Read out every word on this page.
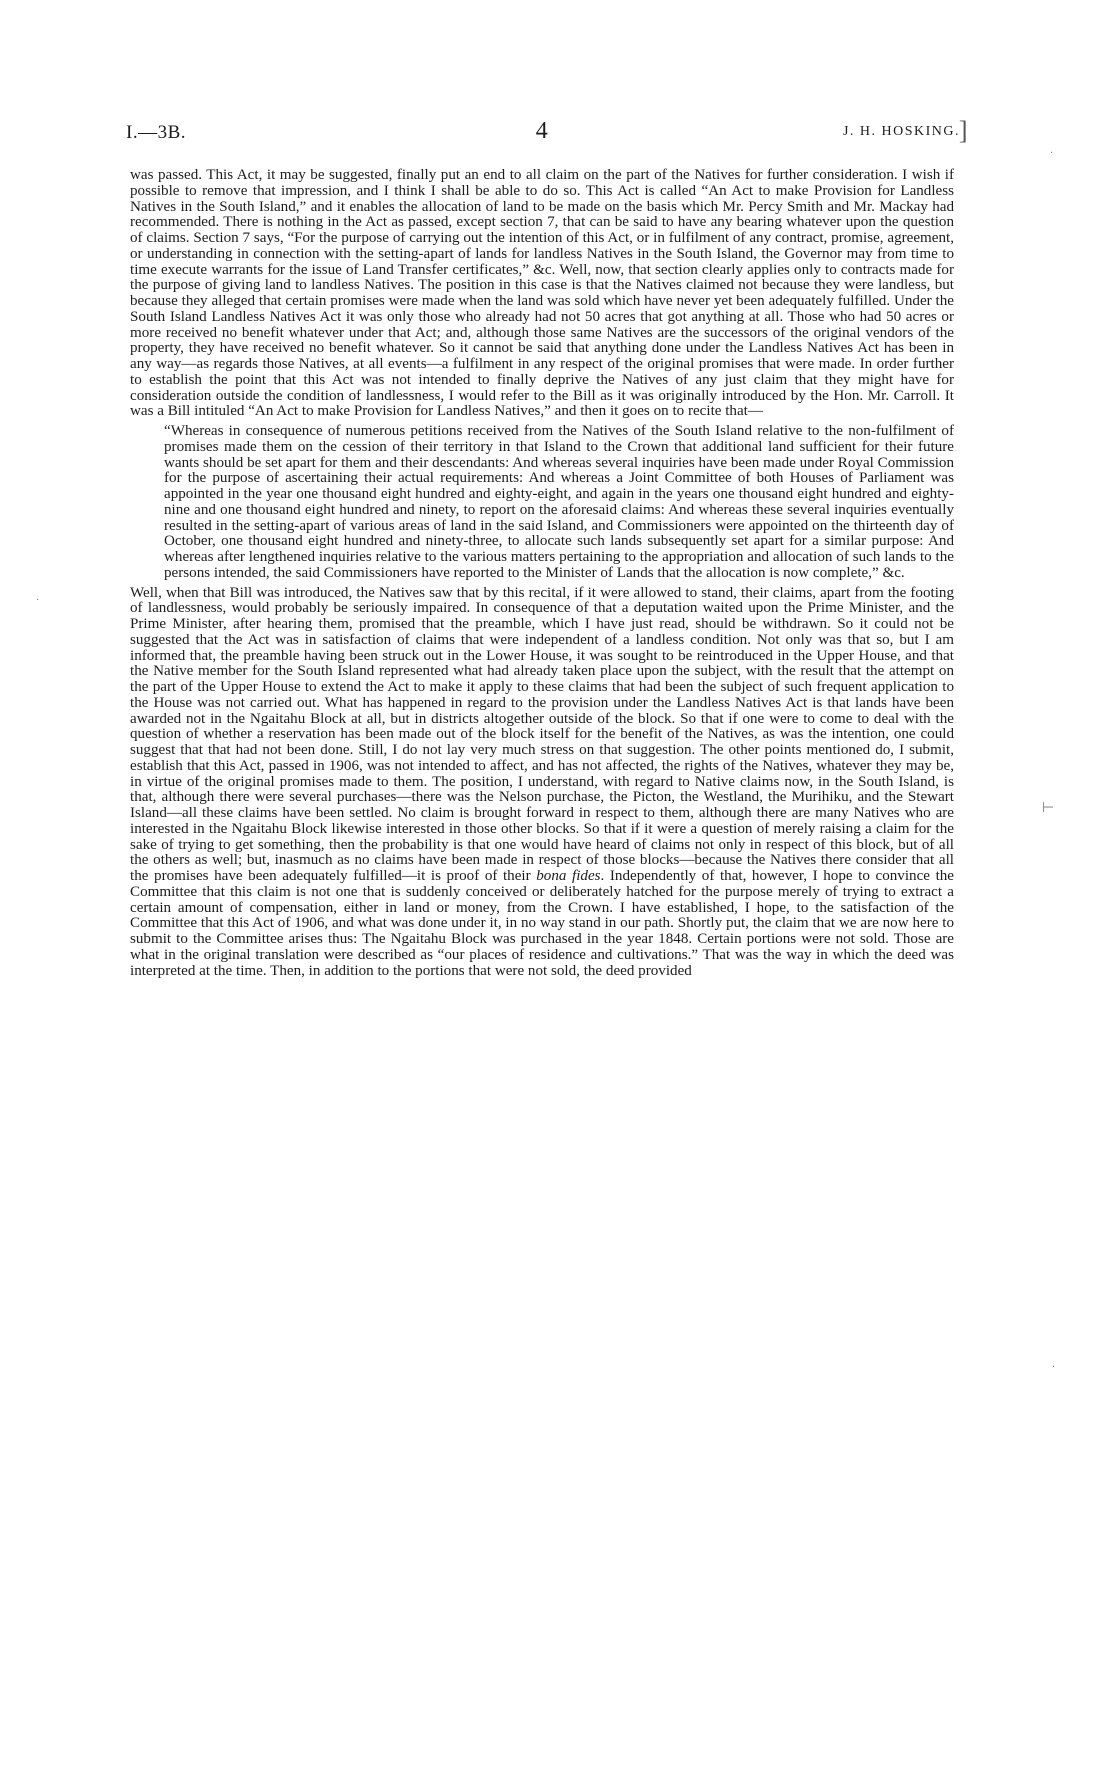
·
·
⊢
·
I.—3B.	4	J. H. HOSKING.
]

was passed. This Act, it may be suggested, finally put an end to all claim on the part of the Natives for further consideration. I wish if possible to remove that impression, and I think I shall be able to do so. This Act is called “An Act to make Provision for Landless Natives in the South Island,” and it enables the allocation of land to be made on the basis which Mr. Percy Smith and Mr. Mackay had recommended. There is nothing in the Act as passed, except section 7, that can be said to have any bearing whatever upon the question of claims. Section 7 says, “For the purpose of carrying out the intention of this Act, or in fulfilment of any contract, promise, agreement, or understanding in connection with the setting-apart of lands for landless Natives in the South Island, the Governor may from time to time execute warrants for the issue of Land Transfer certificates,” &c. Well, now, that section clearly applies only to contracts made for the purpose of giving land to landless Natives. The position in this case is that the Natives claimed not because they were landless, but because they alleged that certain promises were made when the land was sold which have never yet been adequately fulfilled. Under the South Island Landless Natives Act it was only those who already had not 50 acres that got anything at all. Those who had 50 acres or more received no benefit whatever under that Act; and, although those same Natives are the successors of the original vendors of the property, they have received no benefit whatever. So it cannot be said that anything done under the Landless Natives Act has been in any way—as regards those Natives, at all events—a fulfilment in any respect of the original promises that were made. In order further to establish the point that this Act was not intended to finally deprive the Natives of any just claim that they might have for consideration outside the condition of landlessness, I would refer to the Bill as it was originally introduced by the Hon. Mr. Carroll. It was a Bill intituled “An Act to make Provision for Landless Natives,” and then it goes on to recite that—

“Whereas in consequence of numerous petitions received from the Natives of the South Island relative to the non-fulfilment of promises made them on the cession of their territory in that Island to the Crown that additional land sufficient for their future wants should be set apart for them and their descendants: And whereas several inquiries have been made under Royal Commission for the purpose of ascertaining their actual requirements: And whereas a Joint Committee of both Houses of Parliament was appointed in the year one thousand eight hundred and eighty-eight, and again in the years one thousand eight hundred and eighty-nine and one thousand eight hundred and ninety, to report on the aforesaid claims: And whereas these several inquiries eventually resulted in the setting-apart of various areas of land in the said Island, and Commissioners were appointed on the thirteenth day of October, one thousand eight hundred and ninety-three, to allocate such lands subsequently set apart for a similar purpose: And whereas after lengthened inquiries relative to the various matters pertaining to the appropriation and allocation of such lands to the persons intended, the said Commissioners have reported to the Minister of Lands that the allocation is now complete,” &c.

Well, when that Bill was introduced, the Natives saw that by this recital, if it were allowed to stand, their claims, apart from the footing of landlessness, would probably be seriously impaired. In consequence of that a deputation waited upon the Prime Minister, and the Prime Minister, after hearing them, promised that the preamble, which I have just read, should be withdrawn. So it could not be suggested that the Act was in satisfaction of claims that were independent of a landless condition. Not only was that so, but I am informed that, the preamble having been struck out in the Lower House, it was sought to be reintroduced in the Upper House, and that the Native member for the South Island represented what had already taken place upon the subject, with the result that the attempt on the part of the Upper House to extend the Act to make it apply to these claims that had been the subject of such frequent application to the House was not carried out. What has happened in regard to the provision under the Landless Natives Act is that lands have been awarded not in the Ngaitahu Block at all, but in districts altogether outside of the block. So that if one were to come to deal with the question of whether a reservation has been made out of the block itself for the benefit of the Natives, as was the intention, one could suggest that that had not been done. Still, I do not lay very much stress on that suggestion. The other points mentioned do, I submit, establish that this Act, passed in 1906, was not intended to affect, and has not affected, the rights of the Natives, whatever they may be, in virtue of the original promises made to them. The position, I understand, with regard to Native claims now, in the South Island, is that, although there were several purchases—there was the Nelson purchase, the Picton, the Westland, the Murihiku, and the Stewart Island—all these claims have been settled. No claim is brought forward in respect to them, although there are many Natives who are interested in the Ngaitahu Block likewise interested in those other blocks. So that if it were a question of merely raising a claim for the sake of trying to get something, then the probability is that one would have heard of claims not only in respect of this block, but of all the others as well; but, inasmuch as no claims have been made in respect of those blocks—because the Natives there consider that all the promises have been adequately fulfilled—it is proof of their bona fides. Independently of that, however, I hope to convince the Committee that this claim is not one that is suddenly conceived or deliberately hatched for the purpose merely of trying to extract a certain amount of compensation, either in land or money, from the Crown. I have established, I hope, to the satisfaction of the Committee that this Act of 1906, and what was done under it, in no way stand in our path. Shortly put, the claim that we are now here to submit to the Committee arises thus: The Ngaitahu Block was purchased in the year 1848. Certain portions were not sold. Those are what in the original translation were described as “our places of residence and cultivations.” That was the way in which the deed was interpreted at the time. Then, in addition to the portions that were not sold, the deed provided
